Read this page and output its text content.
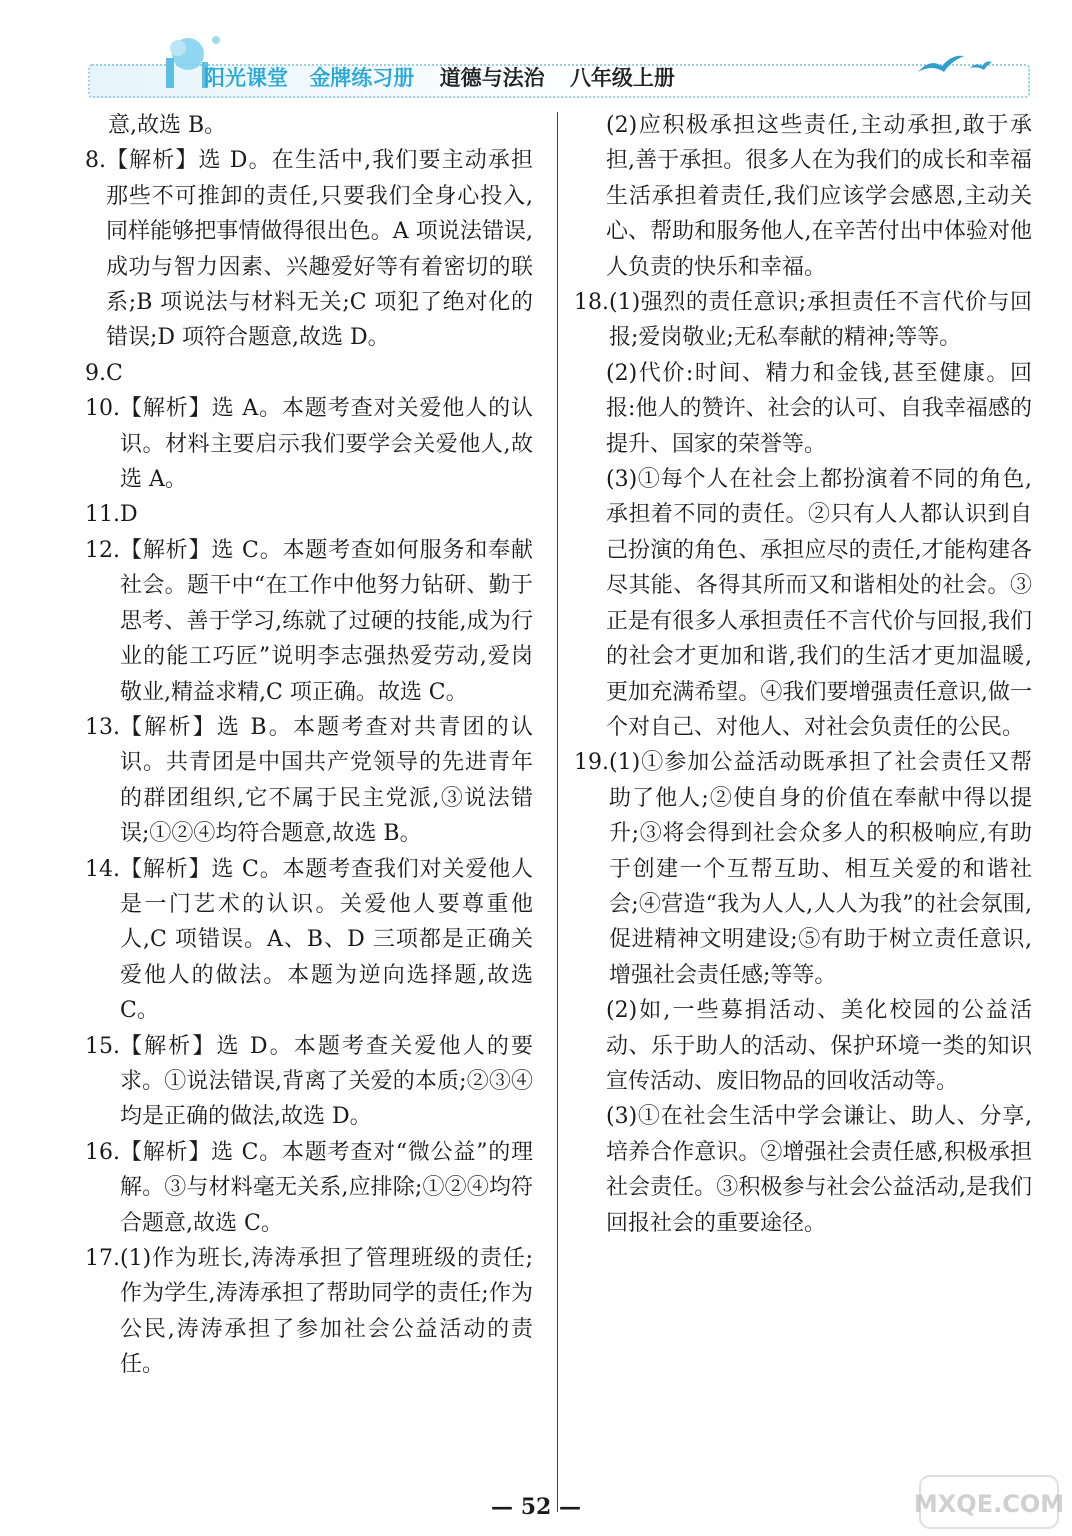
阳光课堂 金牌练习册 道德与法治 八年级上册
意,故选 B。
8. 【解析】选 D。在生活中,我们要主动承担那些不可推卸的责任,只要我们全身心投入,同样能够把事情做得很出色。A 项说法错误,成功与智力因素、兴趣爱好等有着密切的联系;B 项说法与材料无关;C 项犯了绝对化的错误;D 项符合题意,故选 D。
9. C
10. 【解析】选 A。本题考查对关爱他人的认识。材料主要启示我们要学会关爱他人,故选 A。
11. D
12. 【解析】选 C。本题考查如何服务和奉献社会。题干中“在工作中他努力钻研、勤于思考、善于学习,练就了过硬的技能,成为行业的能工巧匠”说明李志强热爱劳动,爱岗敬业,精益求精,C 项正确。故选 C。
13. 【解析】选 B。本题考查对共青团的认识。共青团是中国共产党领导的先进青年的群团组织,它不属于民主党派,③说法错误;①②④均符合题意,故选 B。
14. 【解析】选 C。本题考查我们对关爱他人是一门艺术的认识。关爱他人要尊重他人,C 项错误。A、B、D 三项都是正确关爱他人的做法。本题为逆向选择题,故选 C。
15. 【解析】选 D。本题考查关爱他人的要求。①说法错误,背离了关爱的本质;②③④均是正确的做法,故选 D。
16. 【解析】选 C。本题考查对“微公益”的理解。③与材料毫无关系,应排除;①②④均符合题意,故选 C。
17. (1)作为班长,涛涛承担了管理班级的责任;作为学生,涛涛承担了帮助同学的责任;作为公民,涛涛承担了参加社会公益活动的责任。
(2)应积极承担这些责任,主动承担,敢于承担,善于承担。很多人在为我们的成长和幸福生活承担着责任,我们应该学会感恩,主动关心、帮助和服务他人,在辛苦付出中体验对他人负责的快乐和幸福。
18. (1)强烈的责任意识;承担责任不言代价与回报;爱岗敬业;无私奉献的精神;等等。
(2)代价:时间、精力和金钱,甚至健康。回报:他人的赞许、社会的认可、自我幸福感的提升、国家的荣誉等。
(3)①每个人在社会上都扮演着不同的角色,承担着不同的责任。②只有人人都认识到自己扮演的角色、承担应尽的责任,才能构建各尽其能、各得其所而又和谐相处的社会。③正是有很多人承担责任不言代价与回报,我们的社会才更加和谐,我们的生活才更加温暖,更加充满希望。④我们要增强责任意识,做一个对自己、对他人、对社会负责任的公民。
19. (1)①参加公益活动既承担了社会责任又帮助了他人;②使自身的价值在奉献中得以提升;③将会得到社会众多人的积极响应,有助于创建一个互帮互助、相互关爱的和谐社会;④营造“我为人人,人人为我”的社会氛围,促进精神文明建设;⑤有助于树立责任意识,增强社会责任感;等等。
(2)如,一些募捐活动、美化校园的公益活动、乐于助人的活动、保护环境一类的知识宣传活动、废旧物品的回收活动等。
(3)①在社会生活中学会谦让、助人、分享,培养合作意识。②增强社会责任感,积极承担社会责任。③积极参与社会公益活动,是我们回报社会的重要途径。
— 52 —	MXQE.COM
